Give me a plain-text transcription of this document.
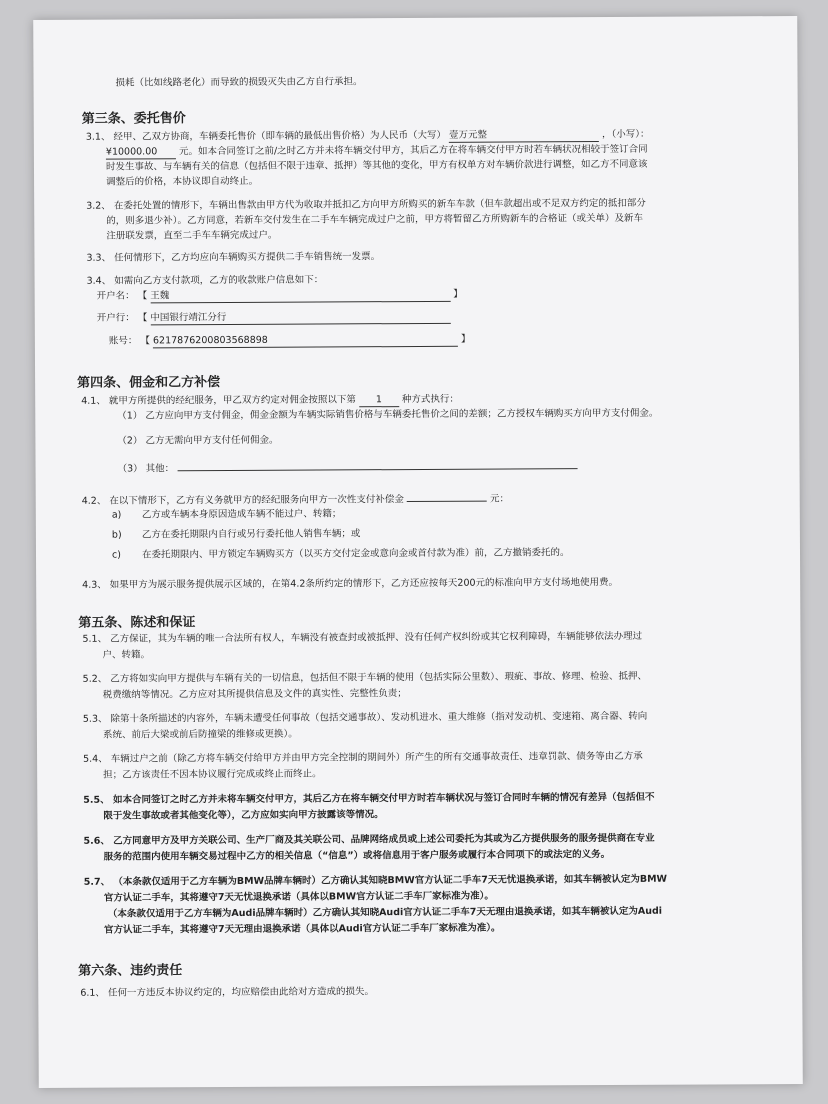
损耗（比如线路老化）而导致的损毁灭失由乙方自行承担。
第三条、委托售价
3.1、 经甲、乙双方协商，车辆委托售价（即车辆的最低出售价格）为人民币（大写） 壹万元整	，（小写）：
¥10000.00 元。如本合同签订之前/之时乙方并未将车辆交付甲方，其后乙方在将车辆交付甲方时若车辆状况相较于签订合同
时发生事故、与车辆有关的信息（包括但不限于违章、抵押）等其他的变化，甲方有权单方对车辆价款进行调整，如乙方不同意该
调整后的价格，本协议即自动终止。
3.2、 在委托处置的情形下，车辆出售款由甲方代为收取并抵扣乙方向甲方所购买的新车车款（但车款超出或不足双方约定的抵扣部分
的，则多退少补）。乙方同意，若新车交付发生在二手车车辆完成过户之前，甲方将暂留乙方所购新车的合格证（或关单）及新车
注册联发票，直至二手车车辆完成过户。
3.3、 任何情形下，乙方均应向车辆购买方提供二手车销售统一发票。
3.4、 如需向乙方支付款项，乙方的收款账户信息如下：
开户名： 【 王魏	】
开户行： 【 中国银行靖江分行
账号： 【 6217876200803568898	】
第四条、佣金和乙方补偿
4.1、 就甲方所提供的经纪服务，甲乙双方约定对佣金按照以下第 1 种方式执行：
（1） 乙方应向甲方支付佣金，佣金金额为车辆实际销售价格与车辆委托售价之间的差额；乙方授权车辆购买方向甲方支付佣金。
（2） 乙方无需向甲方支付任何佣金。
（3） 其他：
4.2、 在以下情形下，乙方有义务就甲方的经纪服务向甲方一次性支付补偿金	元：
a) 乙方或车辆本身原因造成车辆不能过户、转籍；
b) 乙方在委托期限内自行或另行委托他人销售车辆；或
c) 在委托期限内、甲方锁定车辆购买方（以买方交付定金或意向金或首付款为准）前，乙方撤销委托的。
4.3、 如果甲方为展示服务提供展示区域的，在第4.2条所约定的情形下，乙方还应按每天200元的标准向甲方支付场地使用费。
第五条、陈述和保证
5.1、 乙方保证，其为车辆的唯一合法所有权人，车辆没有被查封或被抵押、没有任何产权纠纷或其它权利障碍，车辆能够依法办理过
户、转籍。
5.2、 乙方将如实向甲方提供与车辆有关的一切信息，包括但不限于车辆的使用（包括实际公里数）、瑕疵、事故、修理、检验、抵押、
税费缴纳等情况。乙方应对其所提供信息及文件的真实性、完整性负责；
5.3、 除第十条所描述的内容外，车辆未遭受任何事故（包括交通事故）、发动机进水、重大维修（指对发动机、变速箱、离合器、转向
系统、前后大梁或前后防撞梁的维修或更换）。
5.4、 车辆过户之前（除乙方将车辆交付给甲方并由甲方完全控制的期间外）所产生的所有交通事故责任、违章罚款、债务等由乙方承
担；乙方该责任不因本协议履行完成或终止而终止。
5.5、 如本合同签订之时乙方并未将车辆交付甲方，其后乙方在将车辆交付甲方时若车辆状况与签订合同时车辆的情况有差异（包括但不
限于发生事故或者其他变化等），乙方应如实向甲方披露该等情况。
5.6、 乙方同意甲方及甲方关联公司、生产厂商及其关联公司、品牌网络成员或上述公司委托为其或为乙方提供服务的服务提供商在专业
服务的范围内使用车辆交易过程中乙方的相关信息（“信息”）或将信息用于客户服务或履行本合同项下的或法定的义务。
5.7、 （本条款仅适用于乙方车辆为BMW品牌车辆时）乙方确认其知晓BMW官方认证二手车7天无忧退换承诺，如其车辆被认定为BMW
官方认证二手车，其将遵守7天无忧退换承诺（具体以BMW官方认证二手车厂家标准为准）。
（本条款仅适用于乙方车辆为Audi品牌车辆时）乙方确认其知晓Audi官方认证二手车7天无理由退换承诺，如其车辆被认定为Audi
官方认证二手车，其将遵守7天无理由退换承诺（具体以Audi官方认证二手车厂家标准为准）。
第六条、违约责任
6.1、 任何一方违反本协议约定的，均应赔偿由此给对方造成的损失。
